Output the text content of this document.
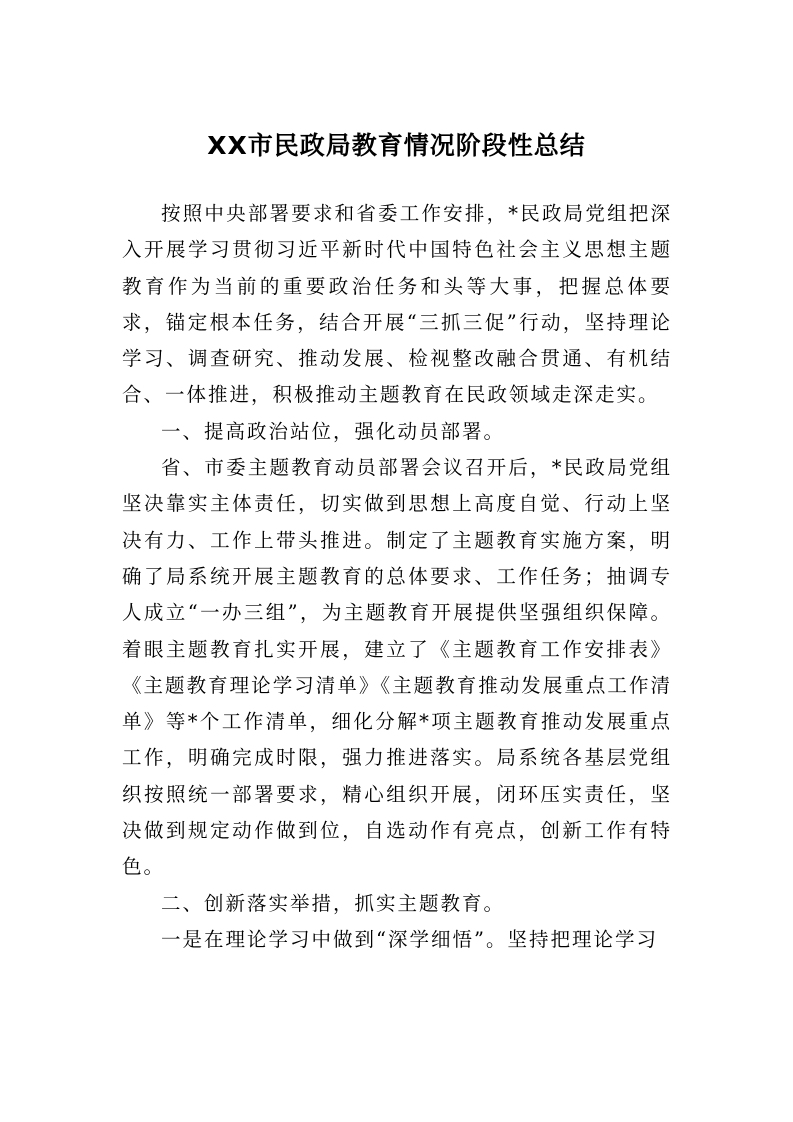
XX市民政局教育情况阶段性总结

按照中央部署要求和省委工作安排，*民政局党组把深入开展学习贯彻习近平新时代中国特色社会主义思想主题教育作为当前的重要政治任务和头等大事，把握总体要求，锚定根本任务，结合开展“三抓三促”行动，坚持理论学习、调查研究、推动发展、检视整改融合贯通、有机结合、一体推进，积极推动主题教育在民政领域走深走实。

一、提高政治站位，强化动员部署。

省、市委主题教育动员部署会议召开后，*民政局党组坚决靠实主体责任，切实做到思想上高度自觉、行动上坚决有力、工作上带头推进。制定了主题教育实施方案，明确了局系统开展主题教育的总体要求、工作任务；抽调专人成立“一办三组”，为主题教育开展提供坚强组织保障。着眼主题教育扎实开展，建立了《主题教育工作安排表》《主题教育理论学习清单》《主题教育推动发展重点工作清单》等*个工作清单，细化分解*项主题教育推动发展重点工作，明确完成时限，强力推进落实。局系统各基层党组织按照统一部署要求，精心组织开展，闭环压实责任，坚决做到规定动作做到位，自选动作有亮点，创新工作有特色。

二、创新落实举措，抓实主题教育。

一是在理论学习中做到“深学细悟”。坚持把理论学习
